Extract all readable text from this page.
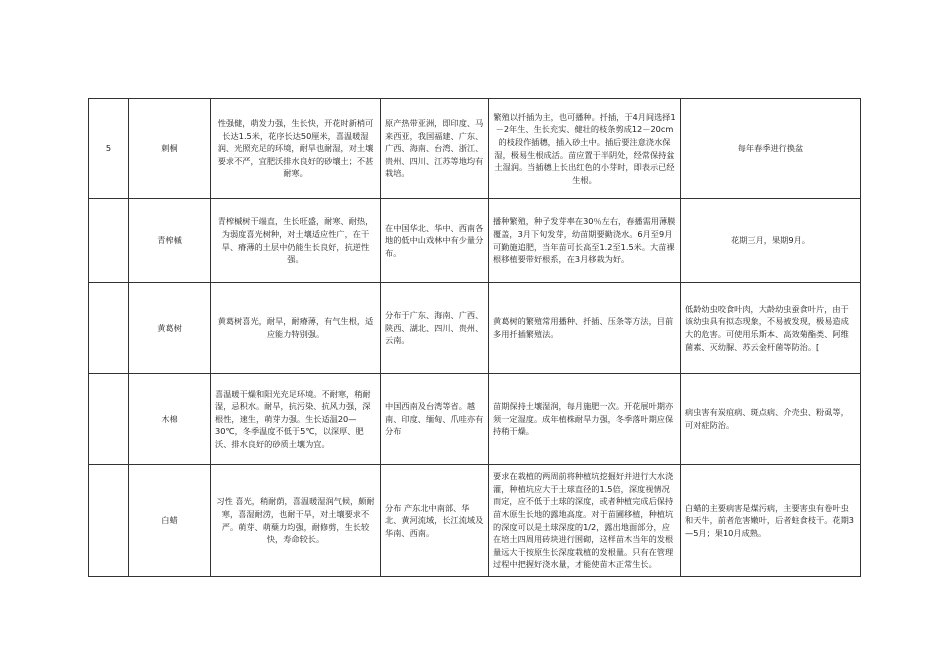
5	刺桐	性强健，萌发力强，生长快，开花时新梢可长达1.5米，花序长达50厘米，喜温暖湿润、光照充足的环境，耐旱也耐湿，对土壤要求不严，宜肥沃排水良好的砂壤土；不甚耐寒。	原产热带亚洲，即印度、马来西亚，我国福建、广东、广西、海南、台湾、浙江、贵州、四川、江苏等地均有栽培。	繁殖以扦插为主，也可播种。扦插，于4月间选择1－2年生、生长充实、健壮的枝条剪成12－20cm的枝段作插穗，插入砂土中。插后要注意浇水保湿，极易生根成活。苗应置于半阴处，经常保持盆土湿润。当插穗上长出红色的小芽时，即表示已经生根。	每年春季进行换盆
	青榨槭	青榨槭树干端直，生长旺盛，耐寒、耐热，为弱度喜光树种，对土壤适应性广，在干旱、瘠薄的土层中仍能生长良好，抗逆性强。	在中国华北、华中、西南各地的低中山戏林中有少量分布。	播种繁殖，种子发芽率在30％左右，春播需用薄膜覆盖，3月下旬发芽，幼苗期要勤浇水。6月至9月可勤施追肥，当年苗可长高至1.2至1.5米。大苗裸根移植要带好根系，在3月移栽为好。	花期三月，果期9月。
	黄葛树	黄葛树喜光，耐旱，耐瘠薄，有气生根，适应能力特别强。	分布于广东、海南、广西、陕西、湖北、四川、贵州、云南。	黄葛树的繁殖常用播种、扦插、压条等方法，目前多用扦插繁殖法。	低龄幼虫咬食叶肉，大龄幼虫蚕食叶片，由于该幼虫具有拟态现象，不易被发现，极易造成大的危害。可使用乐斯本、高效菊酯类、阿维菌素、灭幼脲、苏云金杆菌等防治。[
	木棉	喜温暖干燥和阳光充足环境。不耐寒，稍耐湿，忌积水。耐旱，抗污染、抗风力强，深根性，速生，萌芽力强。生长适温20—30℃，冬季温度不低于5℃，以深厚、肥沃、排水良好的砂质土壤为宜。	中国西南及台湾等省。越南、印度、缅甸、爪哇亦有分布	苗期保持土壤湿润，每月施肥一次。开花展叶期亦须一定湿度。成年植株耐旱力强，冬季落叶期应保持稍干燥。	病虫害有炭疽病、斑点病、介壳虫、粉虱等，可对症防治。
	白蜡	习性 喜光，稍耐荫，喜温暖湿润气候，颇耐寒，喜湿耐涝，也耐干旱，对土壤要求不严。萌芽、萌蘖力均强，耐修剪，生长较快，寿命较长。	分布 产东北中南部、华北、黄河流域，长江流域及华南、西南。	要求在栽植的两周前将种植坑挖掘好并进行大水浇灌，种植坑应大于土球直径的1.5倍，深度视情况而定，应不低于土球的深度，或者种植完成后保持苗木原生长地的露地高度。对于苗圃移植，种植坑的深度可以是土球深度的1/2，露出地面部分，应在培土四周用砖块进行围砌，这样苗木当年的发根量远大于按原生长深度栽植的发根量。只有在管理过程中把握好浇水量，才能使苗木正常生长。	白蜡的主要病害是煤污病，主要害虫有卷叶虫和天牛，前者危害嫩叶，后者蛀食枝干。花期3—5月；果10月成熟。
